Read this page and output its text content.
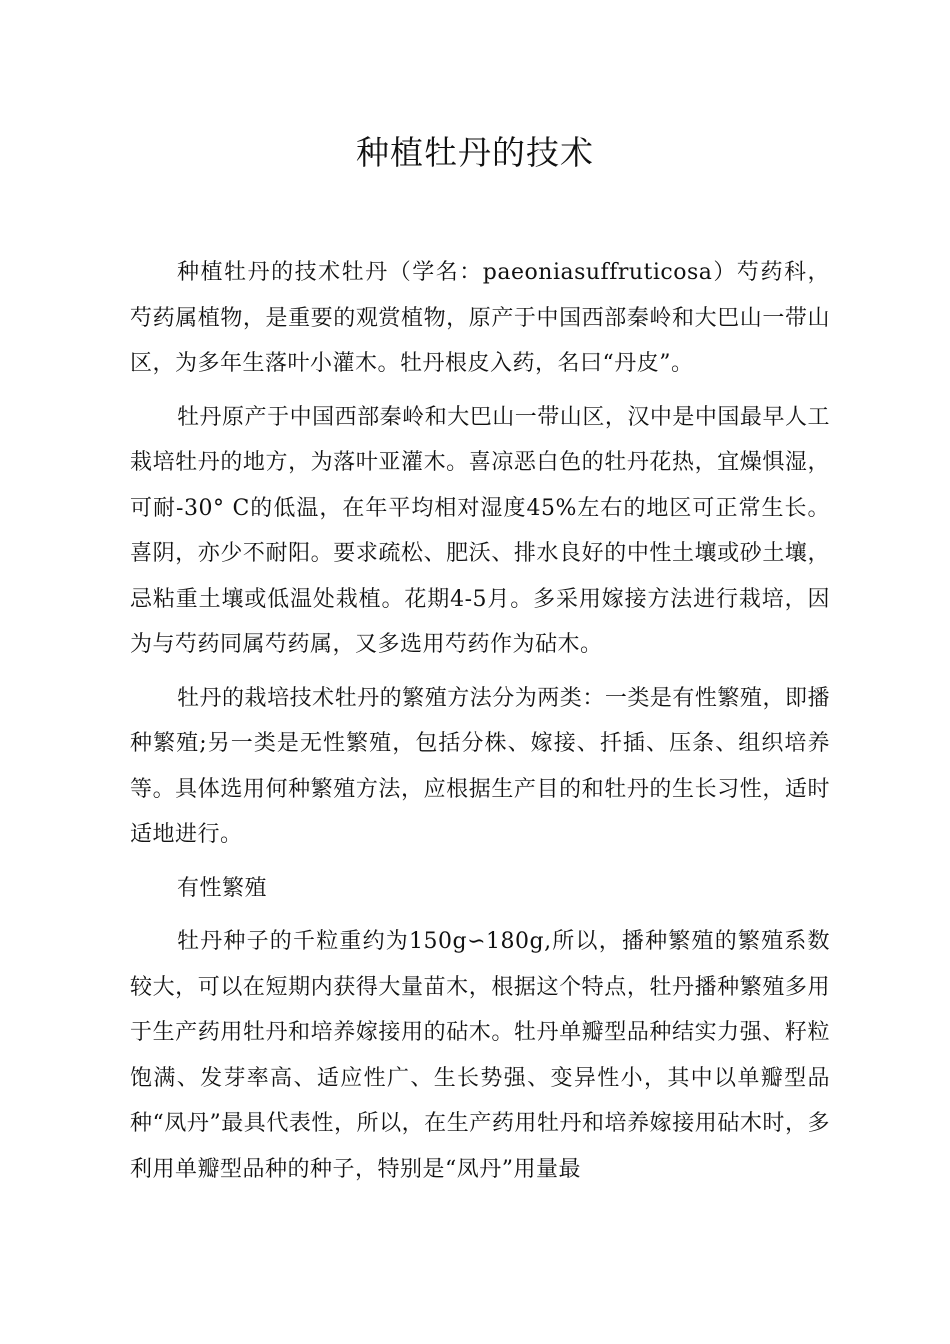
种植牡丹的技术

种植牡丹的技术牡丹（学名：paeoniasuffruticosa）芍药科，芍药属植物，是重要的观赏植物，原产于中国西部秦岭和大巴山一带山区，为多年生落叶小灌木。牡丹根皮入药，名曰“丹皮”。

牡丹原产于中国西部秦岭和大巴山一带山区，汉中是中国最早人工栽培牡丹的地方，为落叶亚灌木。喜凉恶白色的牡丹花热，宜燥惧湿，可耐-30° C的低温，在年平均相对湿度45%左右的地区可正常生长。喜阴，亦少不耐阳。要求疏松、肥沃、排水良好的中性土壤或砂土壤，忌粘重土壤或低温处栽植。花期4-5月。多采用嫁接方法进行栽培，因为与芍药同属芍药属，又多选用芍药作为砧木。

牡丹的栽培技术牡丹的繁殖方法分为两类：一类是有性繁殖，即播种繁殖;另一类是无性繁殖，包括分株、嫁接、扦插、压条、组织培养等。具体选用何种繁殖方法，应根据生产目的和牡丹的生长习性，适时适地进行。

有性繁殖

牡丹种子的千粒重约为150g∽180g,所以，播种繁殖的繁殖系数较大，可以在短期内获得大量苗木，根据这个特点，牡丹播种繁殖多用于生产药用牡丹和培养嫁接用的砧木。牡丹单瓣型品种结实力强、籽粒饱满、发芽率高、适应性广、生长势强、变异性小，其中以单瓣型品种“凤丹”最具代表性，所以，在生产药用牡丹和培养嫁接用砧木时，多利用单瓣型品种的种子，特别是“凤丹”用量最
